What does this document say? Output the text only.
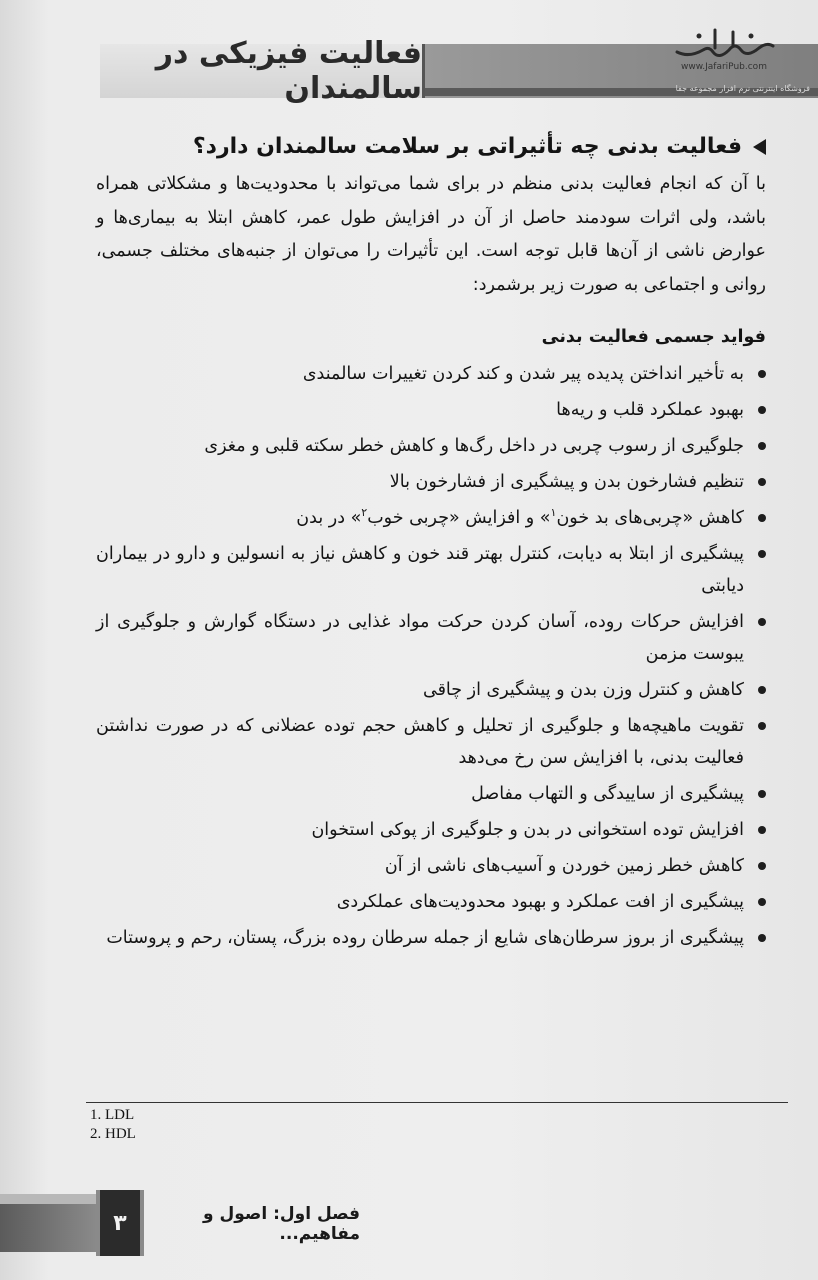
فعالیت فیزیکی در سالمندان	فروشگاه اینترنتی نرم افزار مجموعه جفا
www.JafariPub.com
فعالیت بدنی چه تأثیراتی بر سلامت سالمندان دارد؟

با آن که انجام فعالیت بدنی منظم در برای شما می‌تواند با محدودیت‌ها و مشکلاتی همراه باشد، ولی اثرات سودمند حاصل از آن در افزایش طول عمر، کاهش ابتلا به بیماری‌ها و عوارض ناشی از آن‌ها قابل توجه است. این تأثیرات را می‌توان از جنبه‌های مختلف جسمی، روانی و اجتماعی به صورت زیر برشمرد:

فواید جسمی فعالیت بدنی
به تأخیر انداختن پدیده پیر شدن و کند کردن تغییرات سالمندی
بهبود عملکرد قلب و ریه‌ها
جلوگیری از رسوب چربی در داخل رگ‌ها و کاهش خطر سکته قلبی و مغزی
تنظیم فشارخون بدن و پیشگیری از فشارخون بالا
کاهش «چربی‌های بد خون$^۱$» و افزایش «چربی خوب$^۲$» در بدن
پیشگیری از ابتلا به دیابت، کنترل بهتر قند خون و کاهش نیاز به انسولین و دارو در بیماران دیابتی
افزایش حرکات روده، آسان کردن حرکت مواد غذایی در دستگاه گوارش و جلوگیری از یبوست مزمن
کاهش و کنترل وزن بدن و پیشگیری از چاقی
تقویت ماهیچه‌ها و جلوگیری از تحلیل و کاهش حجم توده عضلانی که در صورت نداشتن فعالیت بدنی، با افزایش سن رخ می‌دهد
پیشگیری از ساییدگی و التهاب مفاصل
افزایش توده استخوانی در بدن و جلوگیری از پوکی استخوان
کاهش خطر زمین خوردن و آسیب‌های ناشی از آن
پیشگیری از افت عملکرد و بهبود محدودیت‌های عملکردی
پیشگیری از بروز سرطان‌های شایع از جمله سرطان روده بزرگ، پستان، رحم و پروستات
1. LDL
2. HDL
۳	فصل اول: اصول و مفاهیم...
